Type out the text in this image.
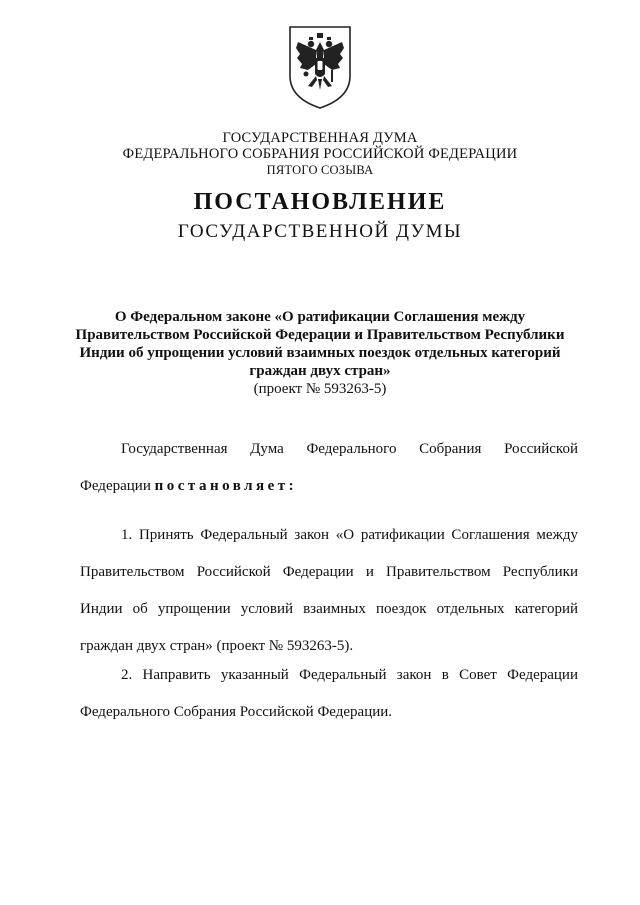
ГОСУДАРСТВЕННАЯ ДУМА
ФЕДЕРАЛЬНОГО СОБРАНИЯ РОССИЙСКОЙ ФЕДЕРАЦИИ
ПЯТОГО СОЗЫВА
ПОСТАНОВЛЕНИЕ
ГОСУДАРСТВЕННОЙ ДУМЫ
О Федеральном законе «О ратификации Соглашения между
Правительством Российской Федерации и Правительством Республики
Индии об упрощении условий взаимных поездок отдельных категорий
граждан двух стран»
(проект № 593263-5)
Государственная Дума Федерального Собрания Российской
Федерации постановляет:
1. Принять Федеральный закон «О ратификации Соглашения между
Правительством Российской Федерации и Правительством Республики
Индии об упрощении условий взаимных поездок отдельных категорий
граждан двух стран» (проект № 593263-5).
2. Направить указанный Федеральный закон в Совет Федерации
Федерального Собрания Российской Федерации.
